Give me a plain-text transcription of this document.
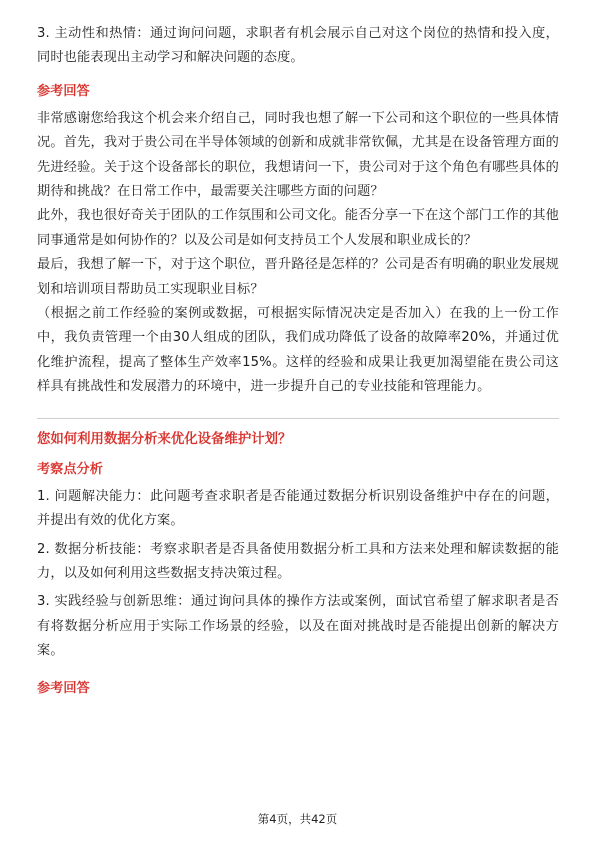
3. 主动性和热情：通过询问问题，求职者有机会展示自己对这个岗位的热情和投入度，同时也能表现出主动学习和解决问题的态度。

参考回答

非常感谢您给我这个机会来介绍自己，同时我也想了解一下公司和这个职位的一些具体情况。首先，我对于贵公司在半导体领域的创新和成就非常钦佩，尤其是在设备管理方面的先进经验。关于这个设备部长的职位，我想请问一下，贵公司对于这个角色有哪些具体的期待和挑战？在日常工作中，最需要关注哪些方面的问题？

此外，我也很好奇关于团队的工作氛围和公司文化。能否分享一下在这个部门工作的其他同事通常是如何协作的？以及公司是如何支持员工个人发展和职业成长的？

最后，我想了解一下，对于这个职位，晋升路径是怎样的？公司是否有明确的职业发展规划和培训项目帮助员工实现职业目标？

（根据之前工作经验的案例或数据，可根据实际情况决定是否加入）在我的上一份工作中，我负责管理一个由30人组成的团队，我们成功降低了设备的故障率20%，并通过优化维护流程，提高了整体生产效率15%。这样的经验和成果让我更加渴望能在贵公司这样具有挑战性和发展潜力的环境中，进一步提升自己的专业技能和管理能力。

您如何利用数据分析来优化设备维护计划？

考察点分析

1. 问题解决能力：此问题考查求职者是否能通过数据分析识别设备维护中存在的问题，并提出有效的优化方案。

2. 数据分析技能：考察求职者是否具备使用数据分析工具和方法来处理和解读数据的能力，以及如何利用这些数据支持决策过程。

3. 实践经验与创新思维：通过询问具体的操作方法或案例，面试官希望了解求职者是否有将数据分析应用于实际工作场景的经验，以及在面对挑战时是否能提出创新的解决方案。

参考回答

第4页，共42页
